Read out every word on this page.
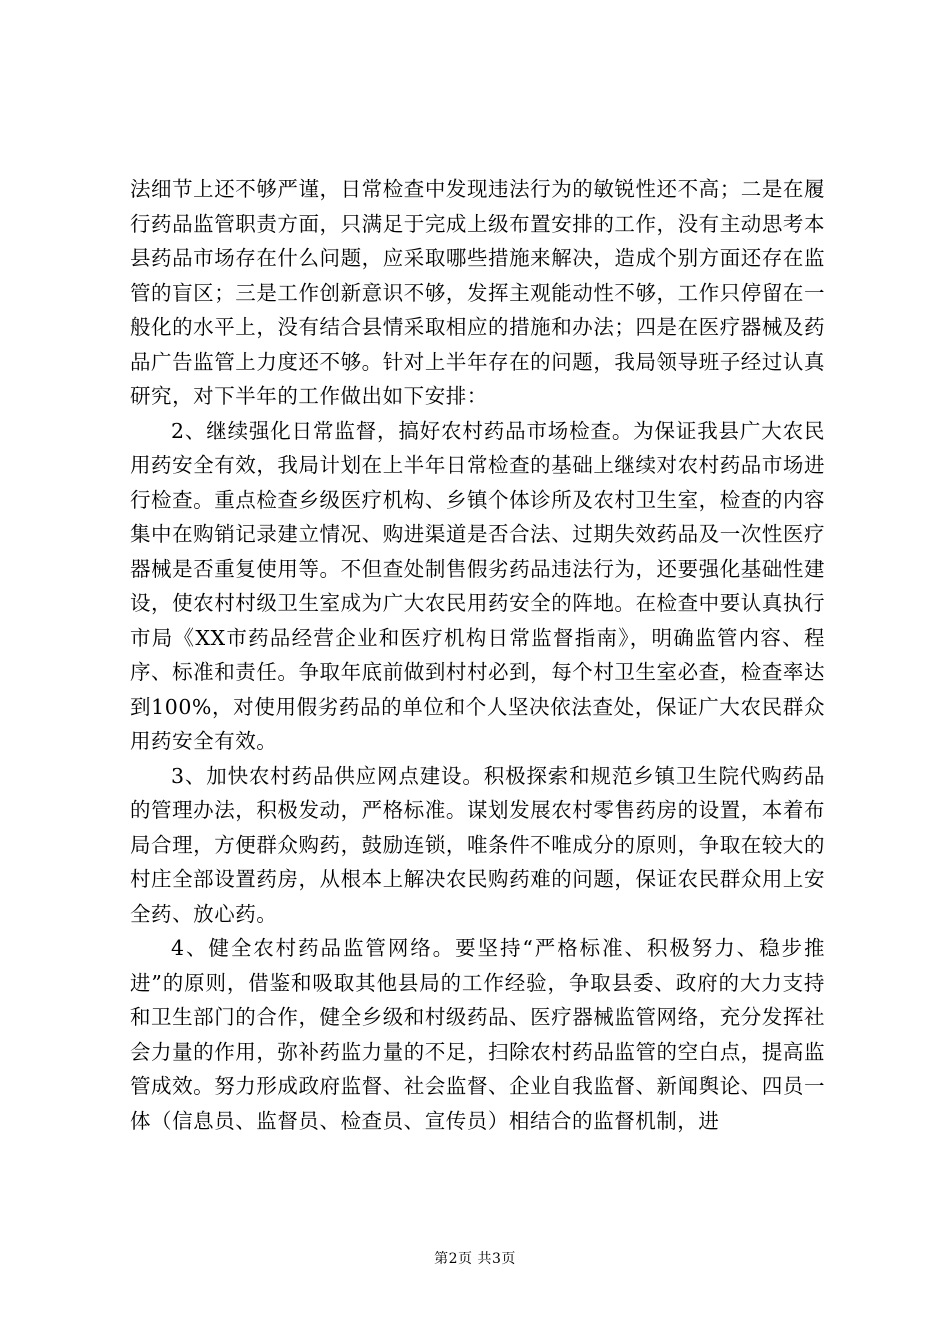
法细节上还不够严谨，日常检查中发现违法行为的敏锐性还不高；二是在履行药品监管职责方面，只满足于完成上级布置安排的工作，没有主动思考本县药品市场存在什么问题，应采取哪些措施来解决，造成个别方面还存在监管的盲区；三是工作创新意识不够，发挥主观能动性不够，工作只停留在一般化的水平上，没有结合县情采取相应的措施和办法；四是在医疗器械及药品广告监管上力度还不够。针对上半年存在的问题，我局领导班子经过认真研究，对下半年的工作做出如下安排：

2、继续强化日常监督，搞好农村药品市场检查。为保证我县广大农民用药安全有效，我局计划在上半年日常检查的基础上继续对农村药品市场进行检查。重点检查乡级医疗机构、乡镇个体诊所及农村卫生室，检查的内容集中在购销记录建立情况、购进渠道是否合法、过期失效药品及一次性医疗器械是否重复使用等。不但查处制售假劣药品违法行为，还要强化基础性建设，使农村村级卫生室成为广大农民用药安全的阵地。在检查中要认真执行市局《XX市药品经营企业和医疗机构日常监督指南》，明确监管内容、程序、标准和责任。争取年底前做到村村必到，每个村卫生室必查，检查率达到100%，对使用假劣药品的单位和个人坚决依法查处，保证广大农民群众用药安全有效。

3、加快农村药品供应网点建设。积极探索和规范乡镇卫生院代购药品的管理办法，积极发动，严格标准。谋划发展农村零售药房的设置，本着布局合理，方便群众购药，鼓励连锁，唯条件不唯成分的原则，争取在较大的村庄全部设置药房，从根本上解决农民购药难的问题，保证农民群众用上安全药、放心药。

4、健全农村药品监管网络。要坚持“严格标准、积极努力、稳步推进”的原则，借鉴和吸取其他县局的工作经验，争取县委、政府的大力支持和卫生部门的合作，健全乡级和村级药品、医疗器械监管网络，充分发挥社会力量的作用，弥补药监力量的不足，扫除农村药品监管的空白点，提高监管成效。努力形成政府监督、社会监督、企业自我监督、新闻舆论、四员一体（信息员、监督员、检查员、宣传员）相结合的监督机制，进

第2页 共3页
